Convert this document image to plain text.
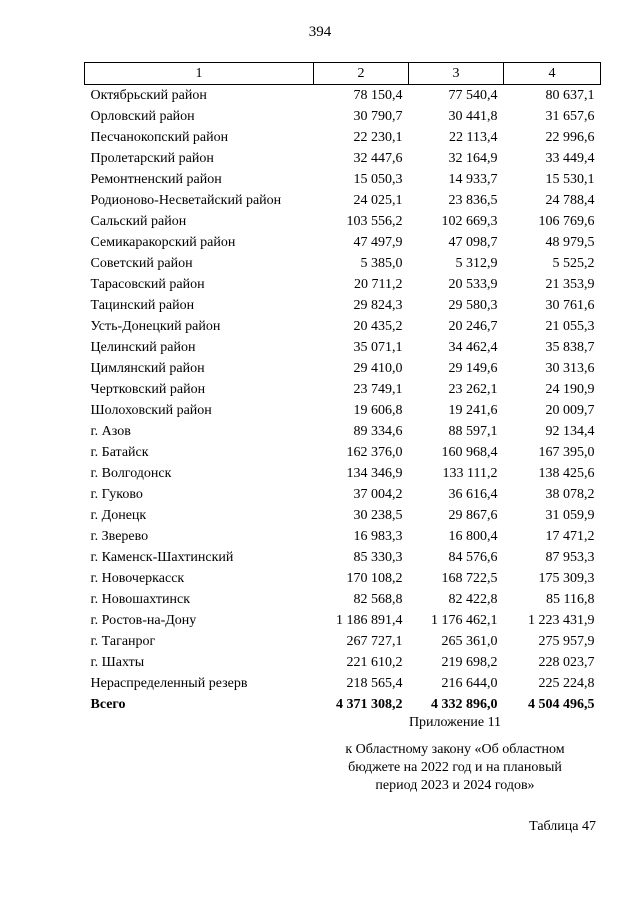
394
1	2	3	4
Октябрьский район	78 150,4	77 540,4	80 637,1
Орловский район	30 790,7	30 441,8	31 657,6
Песчанокопский район	22 230,1	22 113,4	22 996,6
Пролетарский район	32 447,6	32 164,9	33 449,4
Ремонтненский район	15 050,3	14 933,7	15 530,1
Родионово-Несветайский район	24 025,1	23 836,5	24 788,4
Сальский район	103 556,2	102 669,3	106 769,6
Семикаракорский район	47 497,9	47 098,7	48 979,5
Советский район	5 385,0	5 312,9	5 525,2
Тарасовский район	20 711,2	20 533,9	21 353,9
Тацинский район	29 824,3	29 580,3	30 761,6
Усть-Донецкий район	20 435,2	20 246,7	21 055,3
Целинский район	35 071,1	34 462,4	35 838,7
Цимлянский район	29 410,0	29 149,6	30 313,6
Чертковский район	23 749,1	23 262,1	24 190,9
Шолоховский район	19 606,8	19 241,6	20 009,7
г. Азов	89 334,6	88 597,1	92 134,4
г. Батайск	162 376,0	160 968,4	167 395,0
г. Волгодонск	134 346,9	133 111,2	138 425,6
г. Гуково	37 004,2	36 616,4	38 078,2
г. Донецк	30 238,5	29 867,6	31 059,9
г. Зверево	16 983,3	16 800,4	17 471,2
г. Каменск-Шахтинский	85 330,3	84 576,6	87 953,3
г. Новочеркасск	170 108,2	168 722,5	175 309,3
г. Новошахтинск	82 568,8	82 422,8	85 116,8
г. Ростов-на-Дону	1 186 891,4	1 176 462,1	1 223 431,9
г. Таганрог	267 727,1	265 361,0	275 957,9
г. Шахты	221 610,2	219 698,2	228 023,7
Нераспределенный резерв	218 565,4	216 644,0	225 224,8
Всего	4 371 308,2	4 332 896,0	4 504 496,5
Приложение 11
к Областному закону «Об областном
бюджете на 2022 год и на плановый
период 2023 и 2024 годов»
Таблица 47
